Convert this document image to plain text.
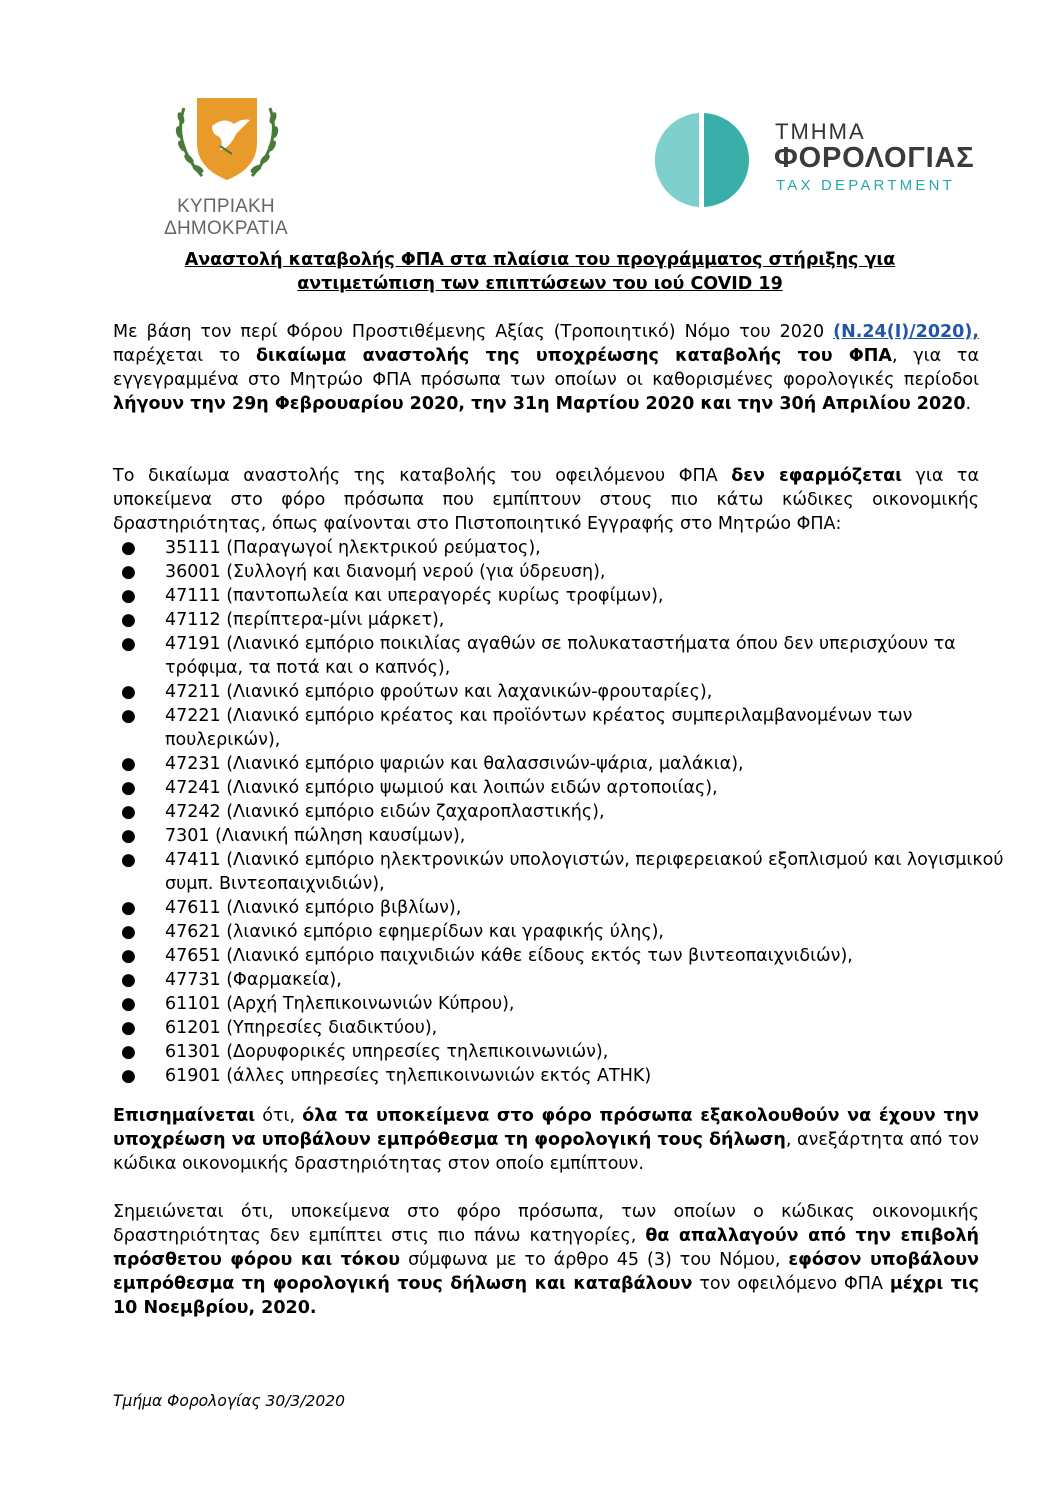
ΚΥΠΡΙΑΚΗ ΔΗΜΟΚΡΑΤΙΑ
ΤΜΗΜΑ
ΦΟΡΟΛΟΓΙΑΣ
TAX DEPARTMENT
Αναστολή καταβολής ΦΠΑ στα πλαίσια του προγράμματος στήριξης για
αντιμετώπιση των επιπτώσεων του ιού COVID 19
Με βάση τον περί Φόρου Προστιθέμενης Αξίας (Τροποιητικό) Νόμο του 2020 (Ν.24(Ι)/2020), παρέχεται το δικαίωμα αναστολής της υποχρέωσης καταβολής του ΦΠΑ, για τα εγγεγραμμένα στο Μητρώο ΦΠΑ πρόσωπα των οποίων οι καθορισμένες φορολογικές περίοδοι λήγουν την 29η Φεβρουαρίου 2020, την 31η Μαρτίου 2020 και την 30ή Απριλίου 2020.
Το δικαίωμα αναστολής της καταβολής του οφειλόμενου ΦΠΑ δεν εφαρμόζεται για τα υποκείμενα στο φόρο πρόσωπα που εμπίπτουν στους πιο κάτω κώδικες οικονομικής δραστηριότητας, όπως φαίνονται στο Πιστοποιητικό Εγγραφής στο Μητρώο ΦΠΑ:
● 35111 (Παραγωγοί ηλεκτρικού ρεύματος),
● 36001 (Συλλογή και διανομή νερού (για ύδρευση),
● 47111 (παντοπωλεία και υπεραγορές κυρίως τροφίμων),
● 47112 (περίπτερα-μίνι μάρκετ),
● 47191 (Λιανικό εμπόριο ποικιλίας αγαθών σε πολυκαταστήματα όπου δεν υπερισχύουν τα τρόφιμα, τα ποτά και ο καπνός),
● 47211 (Λιανικό εμπόριο φρούτων και λαχανικών-φρουταρίες),
● 47221 (Λιανικό εμπόριο κρέατος και προϊόντων κρέατος συμπεριλαμβανομένων των πουλερικών),
● 47231 (Λιανικό εμπόριο ψαριών και θαλασσινών-ψάρια, μαλάκια),
● 47241 (Λιανικό εμπόριο ψωμιού και λοιπών ειδών αρτοποιίας),
● 47242 (Λιανικό εμπόριο ειδών ζαχαροπλαστικής),
● 7301 (Λιανική πώληση καυσίμων),
● 47411 (Λιανικό εμπόριο ηλεκτρονικών υπολογιστών, περιφερειακού εξοπλισμού και λογισμικού συμπ. Βιντεοπαιχνιδιών),
● 47611 (Λιανικό εμπόριο βιβλίων),
● 47621 (λιανικό εμπόριο εφημερίδων και γραφικής ύλης),
● 47651 (Λιανικό εμπόριο παιχνιδιών κάθε είδους εκτός των βιντεοπαιχνιδιών),
● 47731 (Φαρμακεία),
● 61101 (Αρχή Τηλεπικοινωνιών Κύπρου),
● 61201 (Υπηρεσίες διαδικτύου),
● 61301 (Δορυφορικές υπηρεσίες τηλεπικοινωνιών),
● 61901 (άλλες υπηρεσίες τηλεπικοινωνιών εκτός ΑΤΗΚ)
Επισημαίνεται ότι, όλα τα υποκείμενα στο φόρο πρόσωπα εξακολουθούν να έχουν την υποχρέωση να υποβάλουν εμπρόθεσμα τη φορολογική τους δήλωση, ανεξάρτητα από τον κώδικα οικονομικής δραστηριότητας στον οποίο εμπίπτουν.
Σημειώνεται ότι, υποκείμενα στο φόρο πρόσωπα, των οποίων ο κώδικας οικονομικής δραστηριότητας δεν εμπίπτει στις πιο πάνω κατηγορίες, θα απαλλαγούν από την επιβολή πρόσθετου φόρου και τόκου σύμφωνα με το άρθρο 45 (3) του Νόμου, εφόσον υποβάλουν εμπρόθεσμα τη φορολογική τους δήλωση και καταβάλουν τον οφειλόμενο ΦΠΑ μέχρι τις 10 Νοεμβρίου, 2020.
Τμήμα Φορολογίας 30/3/2020
